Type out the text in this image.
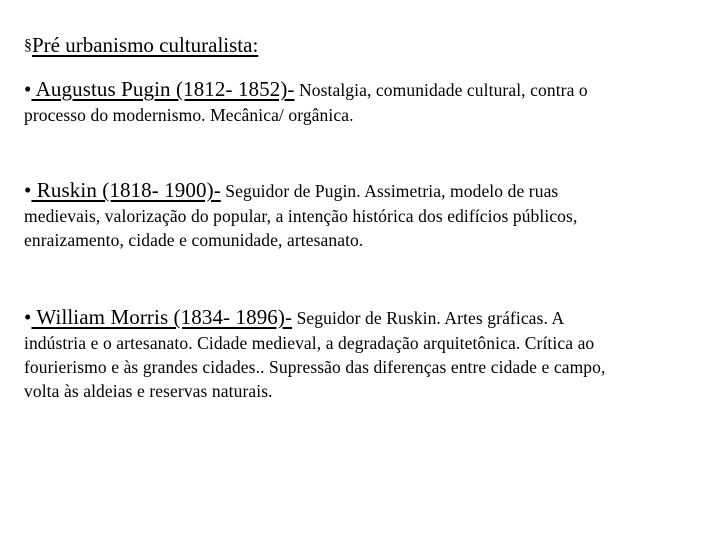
§Pré urbanismo culturalista:
• Augustus Pugin (1812- 1852)- Nostalgia, comunidade cultural, contra o
processo do modernismo. Mecânica/ orgânica.
• Ruskin (1818- 1900)- Seguidor de Pugin. Assimetria, modelo de ruas
medievais, valorização do popular, a intenção histórica dos edifícios públicos,
enraizamento, cidade e comunidade, artesanato.
• William Morris (1834- 1896)- Seguidor de Ruskin. Artes gráficas. A
indústria e o artesanato. Cidade medieval, a degradação arquitetônica. Crítica ao
fourierismo e às grandes cidades.. Supressão das diferenças entre cidade e campo,
volta às aldeias e reservas naturais.
